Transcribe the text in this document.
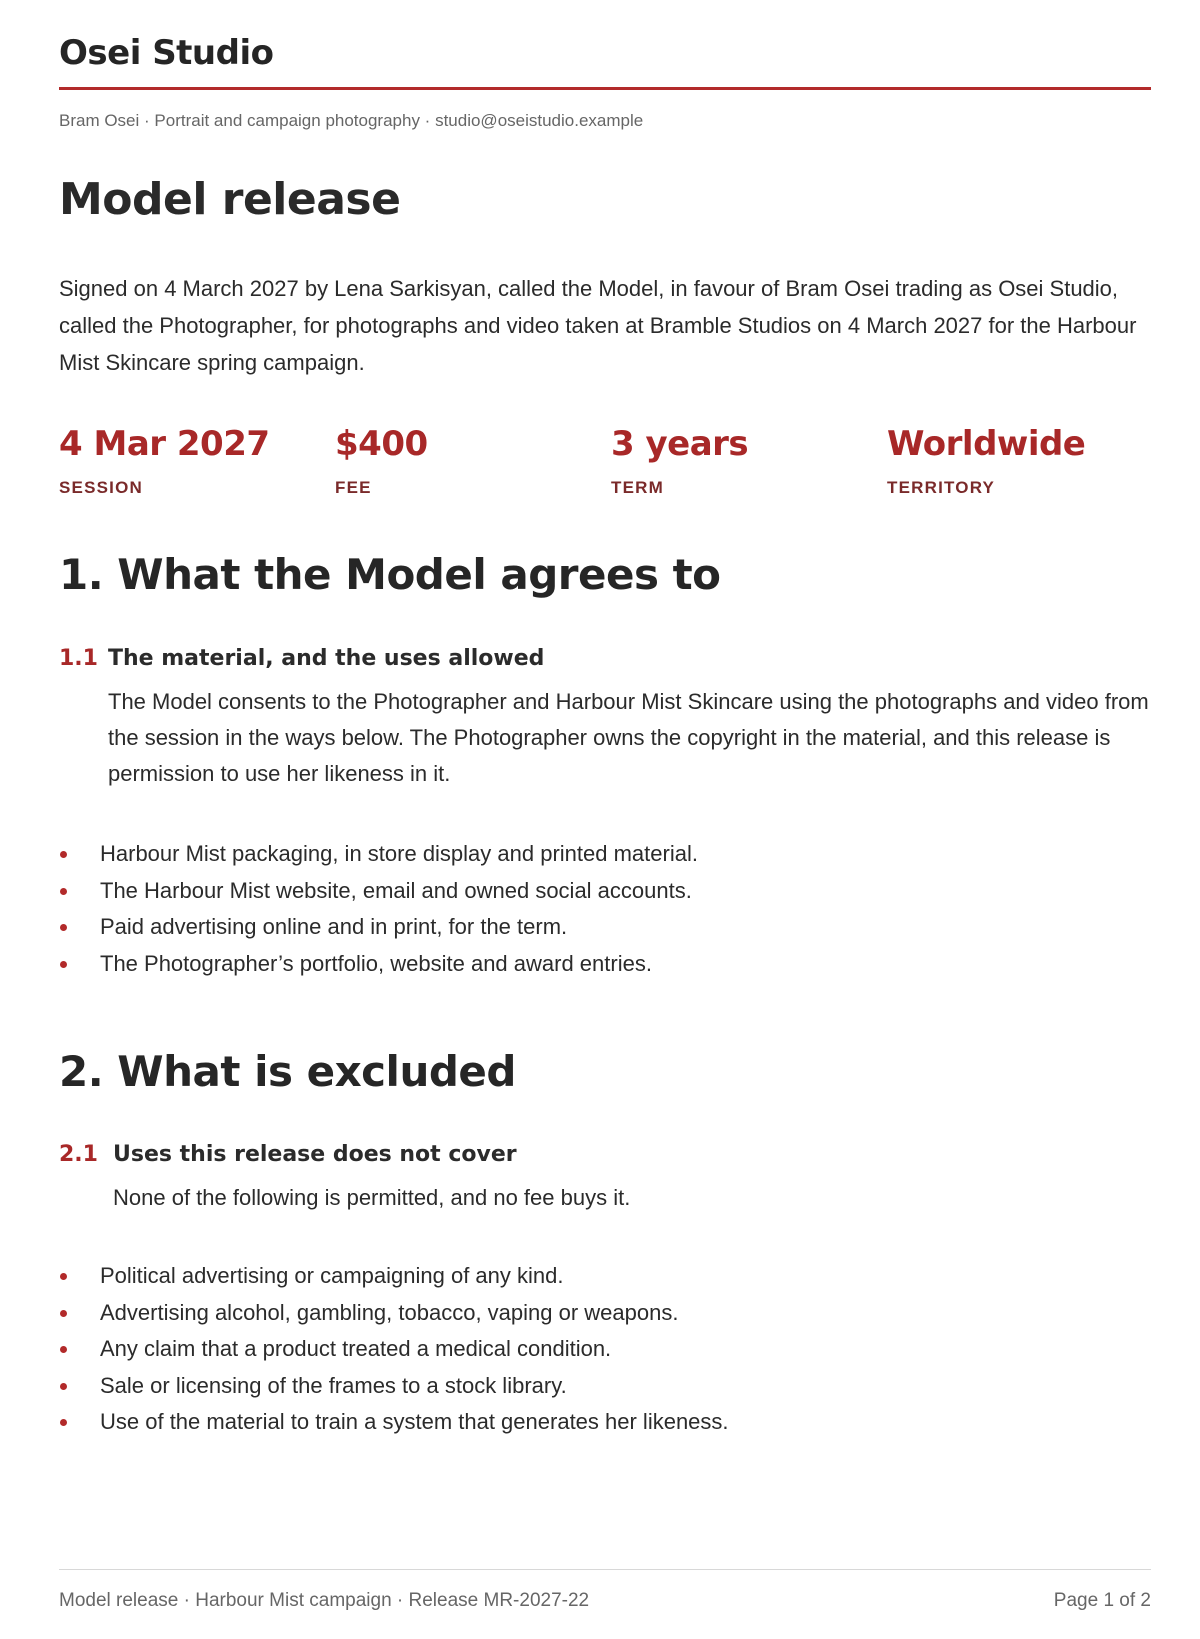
Osei Studio
Bram Osei · Portrait and campaign photography · studio@oseistudio.example
Model release

Signed on 4 March 2027 by Lena Sarkisyan, called the Model, in favour of Bram Osei trading as Osei Studio, called the Photographer, for photographs and video taken at Bramble Studios on 4 March 2027 for the Harbour Mist Skincare spring campaign.

4 Mar 2027
SESSION
$400
FEE
3 years
TERM
Worldwide
TERRITORY
1. What the Model agrees to
1.1 The material, and the uses allowed

The Model consents to the Photographer and Harbour Mist Skincare using the photographs and video from the session in the ways below. The Photographer owns the copyright in the material, and this release is permission to use her likeness in it.

Harbour Mist packaging, in store display and printed material.
The Harbour Mist website, email and owned social accounts.
Paid advertising online and in print, for the term.
The Photographer’s portfolio, website and award entries.
2. What is excluded
2.1 Uses this release does not cover

None of the following is permitted, and no fee buys it.

Political advertising or campaigning of any kind.
Advertising alcohol, gambling, tobacco, vaping or weapons.
Any claim that a product treated a medical condition.
Sale or licensing of the frames to a stock library.
Use of the material to train a system that generates her likeness.
Model release · Harbour Mist campaign · Release MR-2027-22	Page 1 of 2
